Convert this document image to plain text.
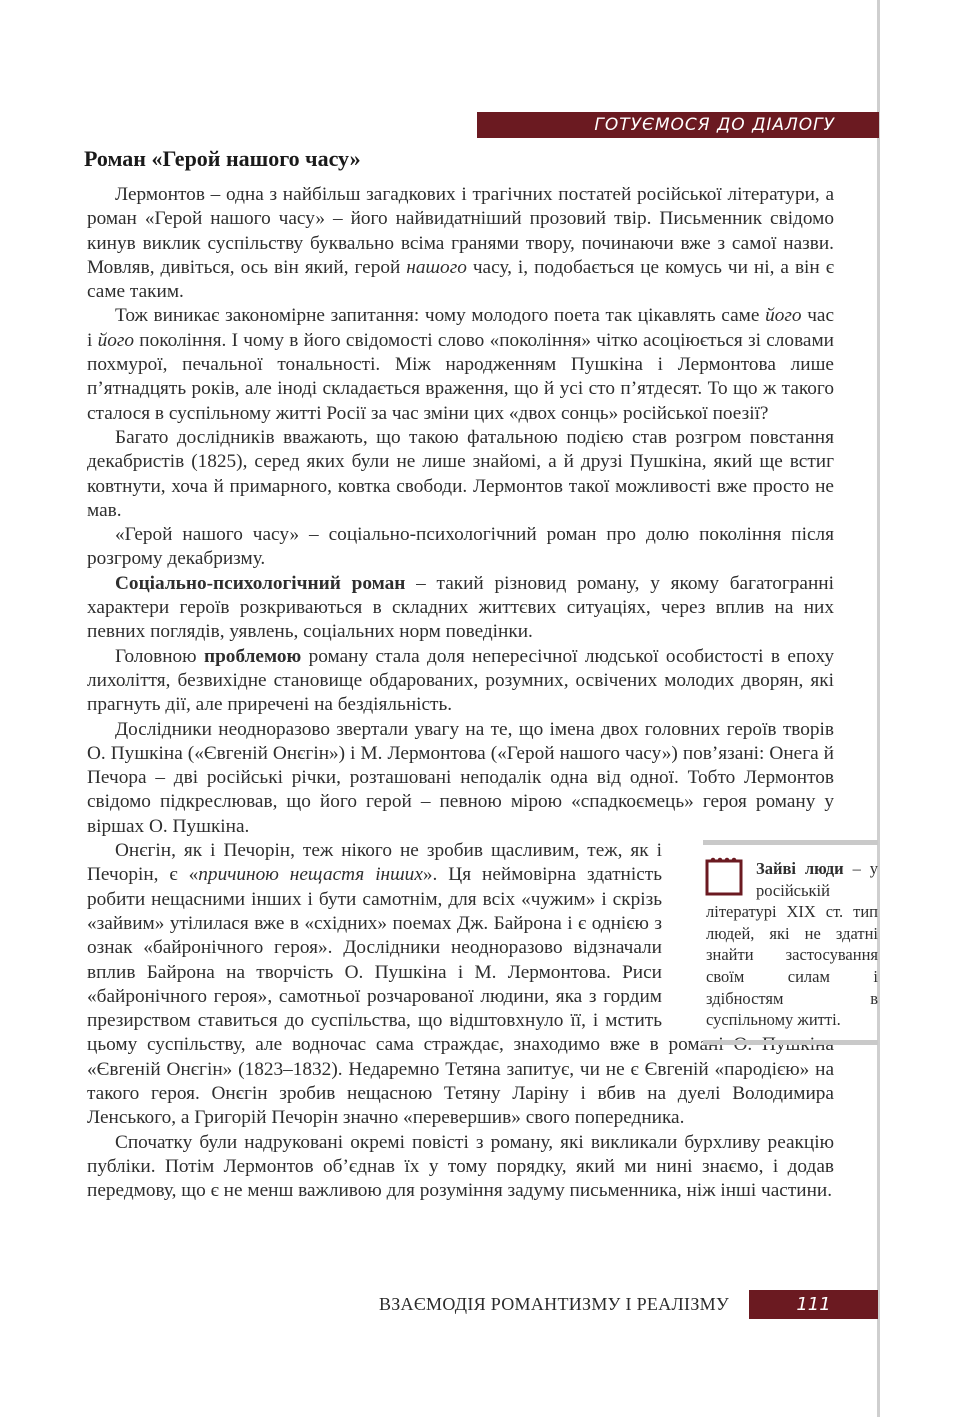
ГОТУЄМОСЯ ДО ДІАЛОГУ
Роман «Герой нашого часу»

Лермонтов – одна з найбільш загадкових і трагічних постатей російської літератури, а роман «Герой нашого часу» – його найвидатніший прозовий твір. Письменник свідомо кинув виклик суспільству буквально всіма гранями твору, починаючи вже з самої назви. Мовляв, дивіться, ось він який, герой нашого часу, і, подобається це комусь чи ні, а він є саме таким.

Тож виникає закономірне запитання: чому молодого поета так цікавлять саме його час і його покоління. І чому в його свідомості слово «покоління» чітко асоціюється зі словами похмурої, печальної тональності. Між народженням Пушкіна і Лермонтова лише п’ятнадцять років, але іноді складається враження, що й усі сто п’ятдесят. То що ж такого сталося в суспільному житті Росії за час зміни цих «двох сонць» російської поезії?

Багато дослідників вважають, що такою фатальною подією став розгром повстання декабристів (1825), серед яких були не лише знайомі, а й друзі Пушкіна, який ще встиг ковтнути, хоча й примарного, ковтка свободи. Лермонтов такої можливості вже просто не мав.

«Герой нашого часу» – соціально-психологічний роман про долю покоління після розгрому декабризму.

Соціально-психологічний роман – такий різновид роману, у якому багатогранні характери героїв розкриваються в складних життєвих ситуаціях, через вплив на них певних поглядів, уявлень, соціальних норм поведінки.

Головною проблемою роману стала доля непересічної людської особистості в епоху лихоліття, безвихідне становище обдарованих, розумних, освічених молодих дворян, які прагнуть дії, але приречені на бездіяльність.

Дослідники неодноразово звертали увагу на те, що імена двох головних героїв творів О. Пушкіна («Євгеній Онєгін») і М. Лермонтова («Герой нашого часу») пов’язані: Онега й Печора – дві російські річки, розташовані неподалік одна від одної. Тобто Лермонтов свідомо підкреслював, що його герой – певною мірою «спадкоємець» героя роману у віршах О. Пушкіна.

Онєгін, як і Печорін, теж нікого не зробив щасливим, теж, як і Печорін, є «причиною нещастя інших». Ця неймовірна здатність робити нещасними інших і бути самотнім, для всіх «чужим» і скрізь «зайвим» утілилася вже в «східних» поемах Дж. Байрона і є однією з ознак «байронічного героя». Дослідники неодноразово відзначали вплив Байрона на творчість О. Пушкіна і М. Лермонтова. Риси «байронічного героя», самотньої розчарованої людини, яка з гордим презирством ставиться до суспільства, що відштовхнуло її, і мстить цьому суспільству, але водночас сама страждає, знаходимо вже в романі О. Пушкіна «Євгеній Онєгін» (1823–1832). Недаремно Тетяна запитує, чи не є Євгеній «пародією» на такого героя. Онєгін зробив нещасною Тетяну Ларіну і вбив на дуелі Володимира Ленського, а Григорій Печорін значно «перевершив» свого попередника.

Спочатку були надруковані окремі повісті з роману, які викликали бурхливу реакцію публіки. Потім Лермонтов об’єднав їх у тому порядку, який ми нині знаємо, і додав передмову, що є не менш важливою для розуміння задуму письменника, ніж інші частини.

Зайві люди – у російській літературі XIX ст. тип людей, які не здатні знайти застосування своїм силам і здібностям в суспільному житті.
ВЗАЄМОДІЯ РОМАНТИЗМУ І РЕАЛІЗМУ	111
